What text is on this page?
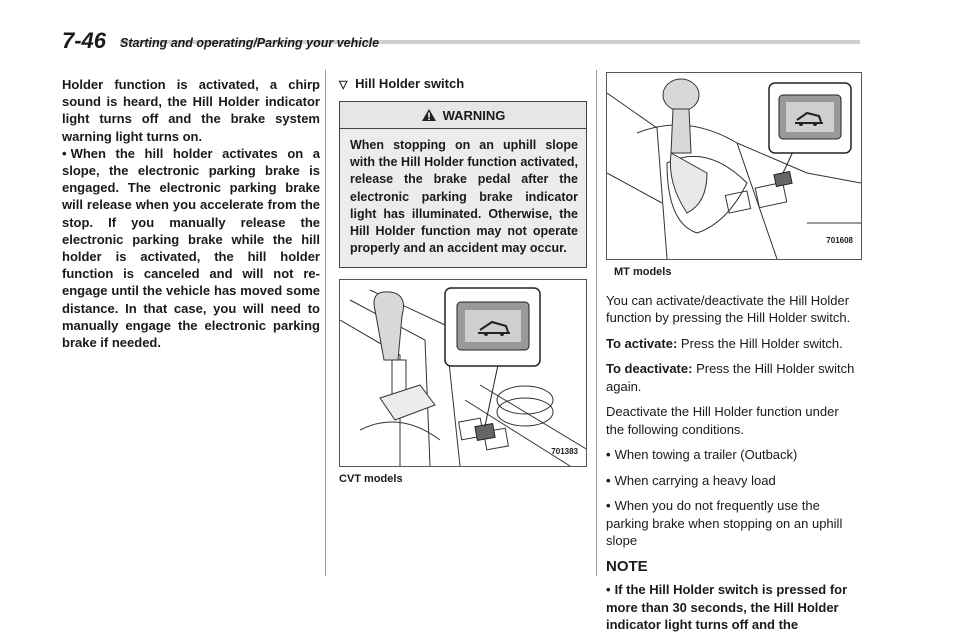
7-46 Starting and operating/Parking your vehicle

Holder function is activated, a chirp sound is heard, the Hill Holder indicator light turns off and the brake system warning light turns on.

• When the hill holder activates on a slope, the electronic parking brake is engaged. The electronic parking brake will release when you accelerate from the stop. If you manually release the electronic parking brake while the hill holder is activated, the hill holder function is canceled and will not re-engage until the vehicle has moved some distance. In that case, you will need to manually engage the electronic parking brake if needed.

▽ Hill Holder switch
WARNING
When stopping on an uphill slope with the Hill Holder function activated, release the brake pedal after the electronic parking brake indicator light has illuminated. Otherwise, the Hill Holder function may not operate properly and an accident may occur.
701383
CVT models
701608
MT models

You can activate/deactivate the Hill Holder function by pressing the Hill Holder switch.

To activate: Press the Hill Holder switch.

To deactivate: Press the Hill Holder switch again.

Deactivate the Hill Holder function under the following conditions.

• When towing a trailer (Outback)

• When carrying a heavy load

• When you do not frequently use the parking brake when stopping on an uphill slope

NOTE

• If the Hill Holder switch is pressed for more than 30 seconds, the Hill Holder indicator light turns off and the
